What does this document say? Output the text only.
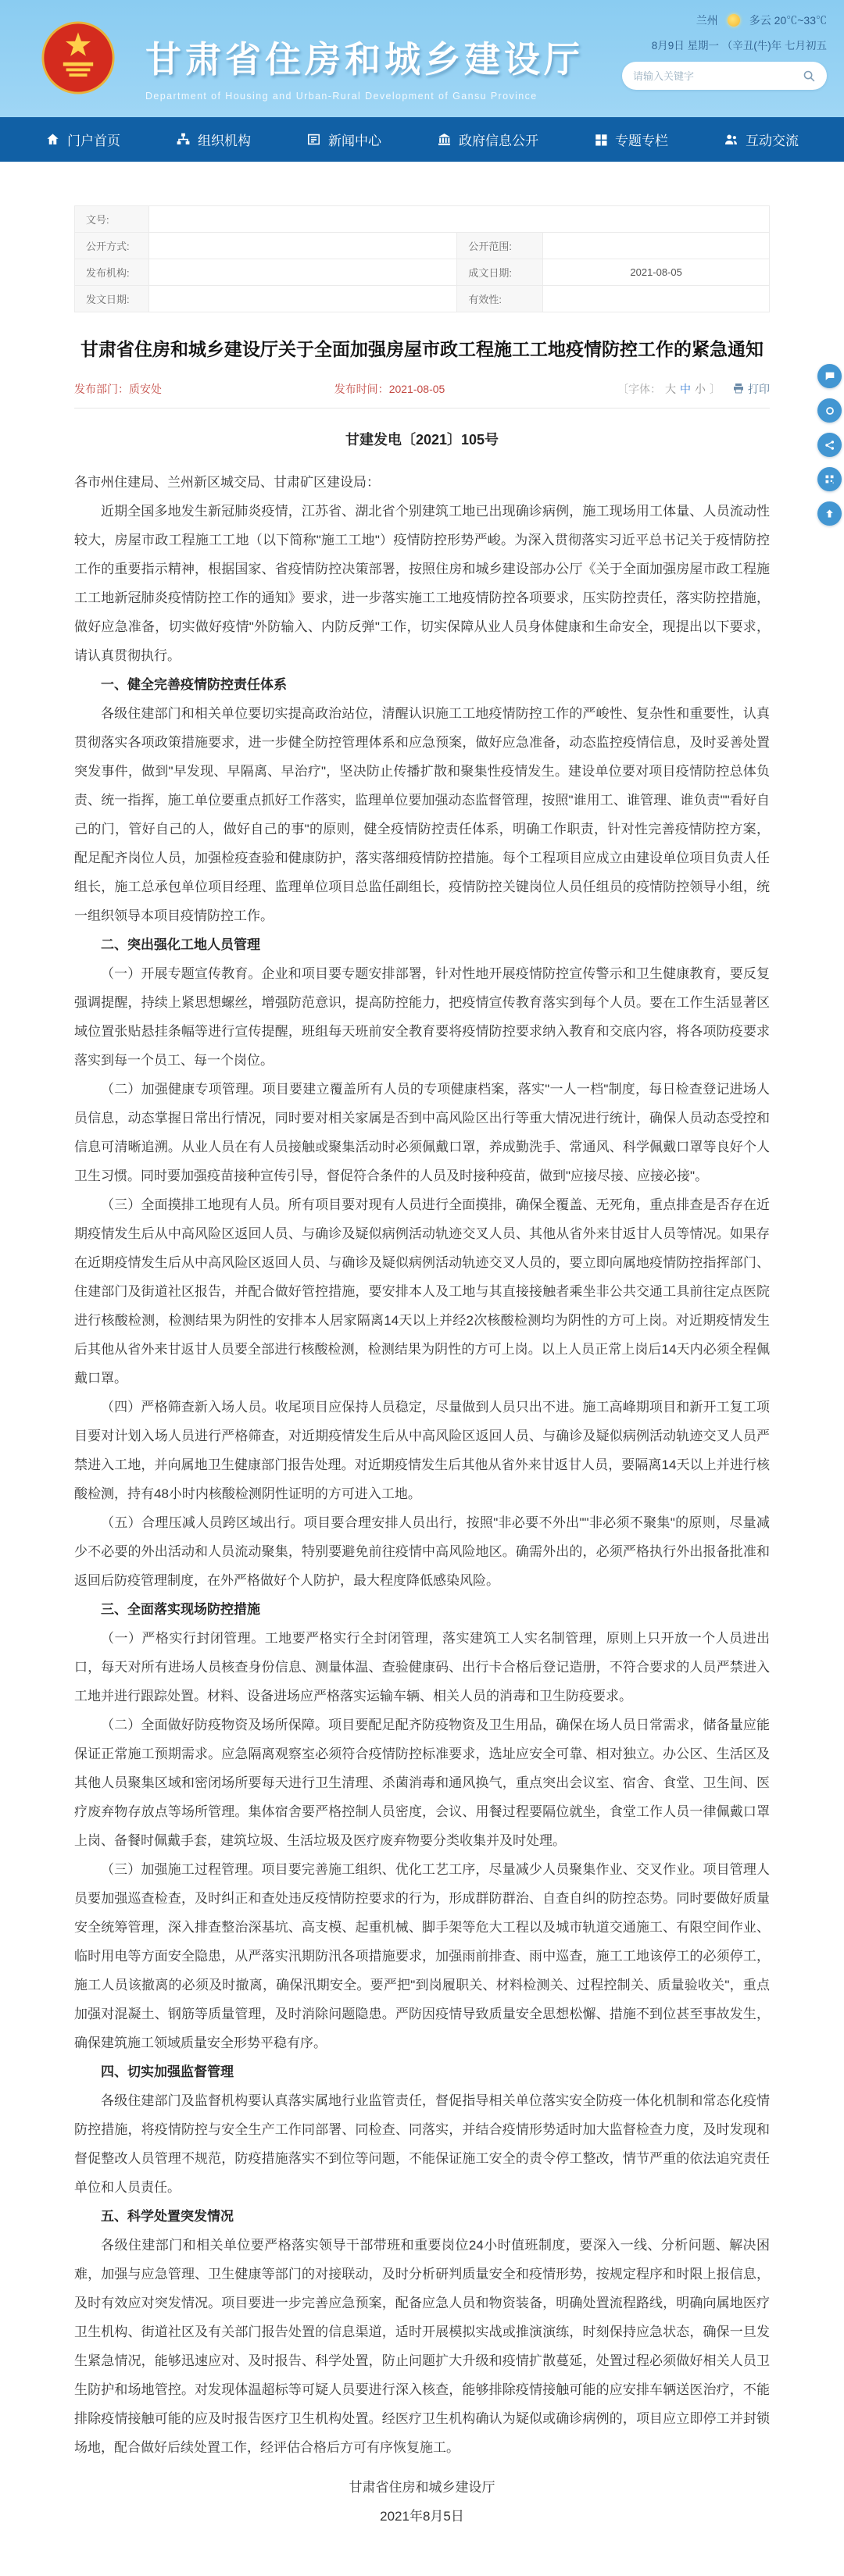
甘肃省住房和城乡建设厅
Department of Housing and Urban-Rural Development of Gansu Province
兰州	多云 20℃~33℃
8月9日 星期一 （辛丑(牛)年 七月初五
请输入关键字
门户首页	组织机构	新闻中心	政府信息公开	专题专栏	互动交流
文号:			
公开方式:		公开范围:	
发布机构:		成文日期:	2021-08-05
发文日期:		有效性:	
甘肃省住房和城乡建设厅关于全面加强房屋市政工程施工工地疫情防控工作的紧急通知
发布部门：质安处	发布时间：2021-08-05	〔字体： 大 中 小 〕	打印
甘建发电〔2021〕105号
各市州住建局、兰州新区城交局、甘肃矿区建设局：
近期全国多地发生新冠肺炎疫情，江苏省、湖北省个别建筑工地已出现确诊病例，施工现场用工体量、人员流动性较大，房屋市政工程施工工地（以下简称"施工工地"）疫情防控形势严峻。为深入贯彻落实习近平总书记关于疫情防控工作的重要指示精神，根据国家、省疫情防控决策部署，按照住房和城乡建设部办公厅《关于全面加强房屋市政工程施工工地新冠肺炎疫情防控工作的通知》要求，进一步落实施工工地疫情防控各项要求，压实防控责任，落实防控措施，做好应急准备，切实做好疫情"外防输入、内防反弹"工作，切实保障从业人员身体健康和生命安全，现提出以下要求，请认真贯彻执行。
一、健全完善疫情防控责任体系
各级住建部门和相关单位要切实提高政治站位，清醒认识施工工地疫情防控工作的严峻性、复杂性和重要性，认真贯彻落实各项政策措施要求，进一步健全防控管理体系和应急预案，做好应急准备，动态监控疫情信息，及时妥善处置突发事件，做到"早发现、早隔离、早治疗"，坚决防止传播扩散和聚集性疫情发生。建设单位要对项目疫情防控总体负责、统一指挥，施工单位要重点抓好工作落实，监理单位要加强动态监督管理，按照"谁用工、谁管理、谁负责""看好自己的门，管好自己的人，做好自己的事"的原则，健全疫情防控责任体系，明确工作职责，针对性完善疫情防控方案，配足配齐岗位人员，加强检疫查验和健康防护，落实落细疫情防控措施。每个工程项目应成立由建设单位项目负责人任组长，施工总承包单位项目经理、监理单位项目总监任副组长，疫情防控关键岗位人员任组员的疫情防控领导小组，统一组织领导本项目疫情防控工作。
二、突出强化工地人员管理
（一）开展专题宣传教育。企业和项目要专题安排部署，针对性地开展疫情防控宣传警示和卫生健康教育，要反复强调提醒，持续上紧思想螺丝，增强防范意识，提高防控能力，把疫情宣传教育落实到每个人员。要在工作生活显著区域位置张贴悬挂条幅等进行宣传提醒，班组每天班前安全教育要将疫情防控要求纳入教育和交底内容，将各项防疫要求落实到每一个员工、每一个岗位。
（二）加强健康专项管理。项目要建立覆盖所有人员的专项健康档案，落实"一人一档"制度，每日检查登记进场人员信息，动态掌握日常出行情况，同时要对相关家属是否到中高风险区出行等重大情况进行统计，确保人员动态受控和信息可清晰追溯。从业人员在有人员接触或聚集活动时必须佩戴口罩，养成勤洗手、常通风、科学佩戴口罩等良好个人卫生习惯。同时要加强疫苗接种宣传引导，督促符合条件的人员及时接种疫苗，做到"应接尽接、应接必接"。
（三）全面摸排工地现有人员。所有项目要对现有人员进行全面摸排，确保全覆盖、无死角，重点排查是否存在近期疫情发生后从中高风险区返回人员、与确诊及疑似病例活动轨迹交叉人员、其他从省外来甘返甘人员等情况。如果存在近期疫情发生后从中高风险区返回人员、与确诊及疑似病例活动轨迹交叉人员的，要立即向属地疫情防控指挥部门、住建部门及街道社区报告，并配合做好管控措施，要安排本人及工地与其直接接触者乘坐非公共交通工具前往定点医院进行核酸检测，检测结果为阴性的安排本人居家隔离14天以上并经2次核酸检测均为阴性的方可上岗。对近期疫情发生后其他从省外来甘返甘人员要全部进行核酸检测，检测结果为阴性的方可上岗。以上人员正常上岗后14天内必须全程佩戴口罩。
（四）严格筛查新入场人员。收尾项目应保持人员稳定，尽量做到人员只出不进。施工高峰期项目和新开工复工项目要对计划入场人员进行严格筛查，对近期疫情发生后从中高风险区返回人员、与确诊及疑似病例活动轨迹交叉人员严禁进入工地，并向属地卫生健康部门报告处理。对近期疫情发生后其他从省外来甘返甘人员，要隔离14天以上并进行核酸检测，持有48小时内核酸检测阴性证明的方可进入工地。
（五）合理压减人员跨区域出行。项目要合理安排人员出行，按照"非必要不外出""非必须不聚集"的原则，尽量减少不必要的外出活动和人员流动聚集，特别要避免前往疫情中高风险地区。确需外出的，必须严格执行外出报备批准和返回后防疫管理制度，在外严格做好个人防护，最大程度降低感染风险。
三、全面落实现场防控措施
（一）严格实行封闭管理。工地要严格实行全封闭管理，落实建筑工人实名制管理，原则上只开放一个人员进出口，每天对所有进场人员核查身份信息、测量体温、查验健康码、出行卡合格后登记造册，不符合要求的人员严禁进入工地并进行跟踪处置。材料、设备进场应严格落实运输车辆、相关人员的消毒和卫生防疫要求。
（二）全面做好防疫物资及场所保障。项目要配足配齐防疫物资及卫生用品，确保在场人员日常需求，储备量应能保证正常施工预期需求。应急隔离观察室必须符合疫情防控标准要求，选址应安全可靠、相对独立。办公区、生活区及其他人员聚集区域和密闭场所要每天进行卫生清理、杀菌消毒和通风换气，重点突出会议室、宿舍、食堂、卫生间、医疗废弃物存放点等场所管理。集体宿舍要严格控制人员密度，会议、用餐过程要隔位就坐，食堂工作人员一律佩戴口罩上岗、备餐时佩戴手套，建筑垃圾、生活垃圾及医疗废弃物要分类收集并及时处理。
（三）加强施工过程管理。项目要完善施工组织、优化工艺工序，尽量减少人员聚集作业、交叉作业。项目管理人员要加强巡查检查，及时纠正和查处违反疫情防控要求的行为，形成群防群治、自查自纠的防控态势。同时要做好质量安全统筹管理，深入排查整治深基坑、高支模、起重机械、脚手架等危大工程以及城市轨道交通施工、有限空间作业、临时用电等方面安全隐患，从严落实汛期防汛各项措施要求，加强雨前排查、雨中巡查，施工工地该停工的必须停工，施工人员该撤离的必须及时撤离，确保汛期安全。要严把"到岗履职关、材料检测关、过程控制关、质量验收关"，重点加强对混凝土、钢筋等质量管理，及时消除问题隐患。严防因疫情导致质量安全思想松懈、措施不到位甚至事故发生，确保建筑施工领域质量安全形势平稳有序。
四、切实加强监督管理
各级住建部门及监督机构要认真落实属地行业监管责任，督促指导相关单位落实安全防疫一体化机制和常态化疫情防控措施，将疫情防控与安全生产工作同部署、同检查、同落实，并结合疫情形势适时加大监督检查力度，及时发现和督促整改人员管理不规范，防疫措施落实不到位等问题，不能保证施工安全的责令停工整改，情节严重的依法追究责任单位和人员责任。
五、科学处置突发情况
各级住建部门和相关单位要严格落实领导干部带班和重要岗位24小时值班制度，要深入一线、分析问题、解决困难，加强与应急管理、卫生健康等部门的对接联动，及时分析研判质量安全和疫情形势，按规定程序和时限上报信息，及时有效应对突发情况。项目要进一步完善应急预案，配备应急人员和物资装备，明确处置流程路线，明确向属地医疗卫生机构、街道社区及有关部门报告处置的信息渠道，适时开展模拟实战或推演演练，时刻保持应急状态，确保一旦发生紧急情况，能够迅速应对、及时报告、科学处置，防止问题扩大升级和疫情扩散蔓延，处置过程必须做好相关人员卫生防护和场地管控。对发现体温超标等可疑人员要进行深入核查，能够排除疫情接触可能的应安排车辆送医治疗，不能排除疫情接触可能的应及时报告医疗卫生机构处置。经医疗卫生机构确认为疑似或确诊病例的，项目应立即停工并封锁场地，配合做好后续处置工作，经评估合格后方可有序恢复施工。
甘肃省住房和城乡建设厅
2021年8月5日
